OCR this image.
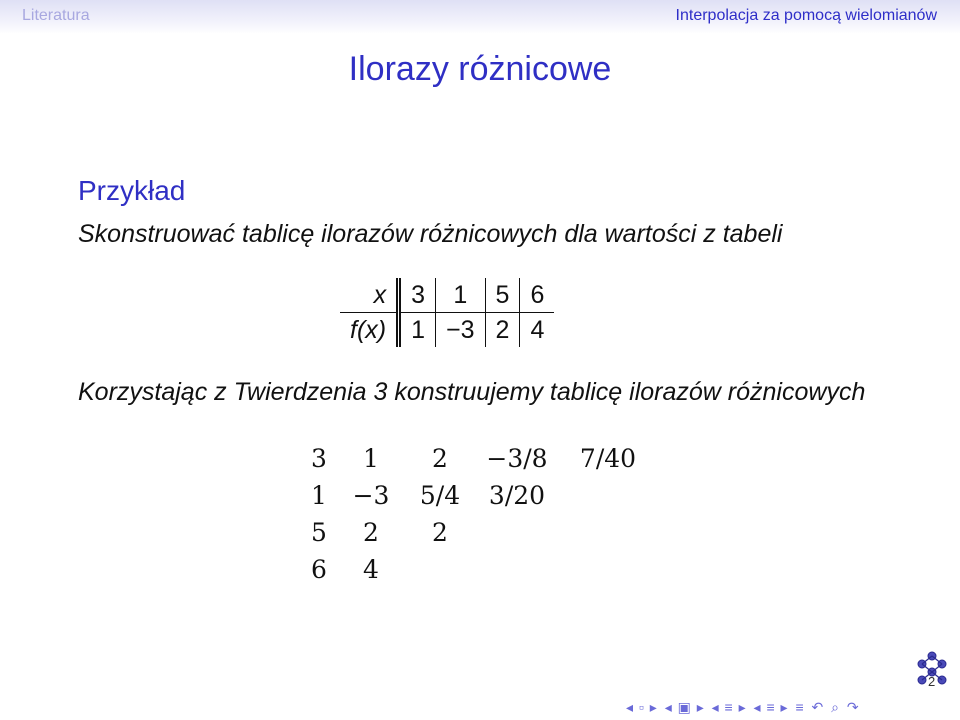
Literatura	Interpolacja za pomocą wielomianów
Ilorazy różnicowe
Przykład
Skonstruować tablicę ilorazów różnicowych dla wartości z tabeli
x	3	1	5	6
f(x)	1	−3	2	4
Korzystając z Twierdzenia 3 konstruujemy tablicę ilorazów różnicowych
3 1 2 −3/8 7/40
1 −3 5/4 3/20
5 2 2
6 4
2
◂ ▫ ▸ ◂ ▣ ▸ ◂ ≡ ▸ ◂ ≡ ▸ ≡ ↶ ⌕ ↷
